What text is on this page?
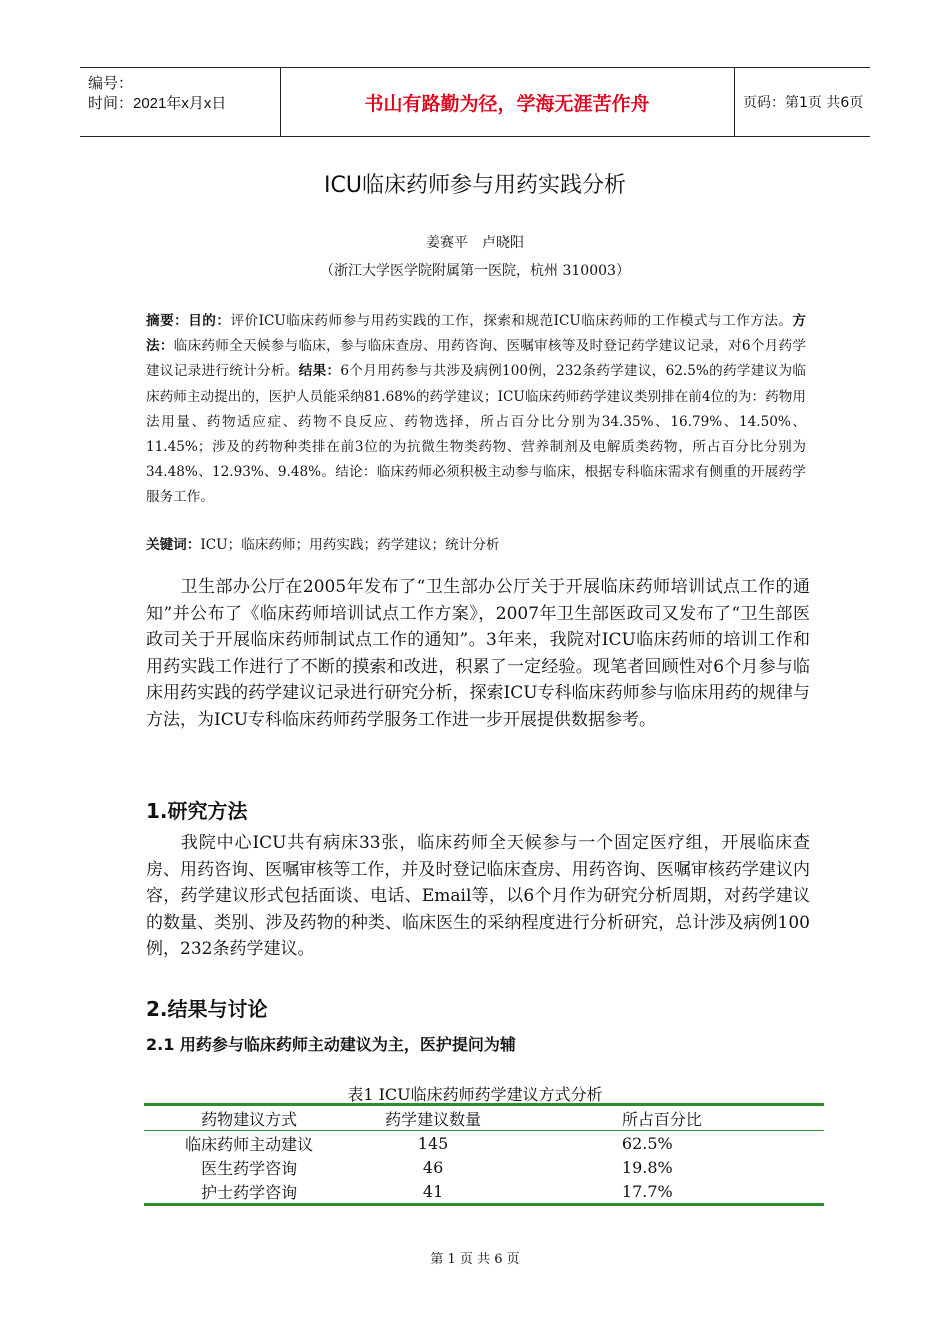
编号：
时间：2021年x月x日	书山有路勤为径，学海无涯苦作舟	页码：第1页 共6页
ICU临床药师参与用药实践分析
姜赛平　卢晓阳
（浙江大学医学院附属第一医院，杭州 310003）
摘要：目的：评价ICU临床药师参与用药实践的工作，探索和规范ICU临床药师的工作模式与工作方法。方法：临床药师全天候参与临床，参与临床查房、用药咨询、医嘱审核等及时登记药学建议记录，对6个月药学建议记录进行统计分析。结果：6个月用药参与共涉及病例100例，232条药学建议，62.5%的药学建议为临床药师主动提出的，医护人员能采纳81.68%的药学建议；ICU临床药师药学建议类别排在前4位的为：药物用法用量、药物适应症、药物不良反应、药物选择，所占百分比分别为34.35%、16.79%、14.50%、11.45%；涉及的药物种类排在前3位的为抗微生物类药物、营养制剂及电解质类药物，所占百分比分别为34.48%、12.93%、9.48%。结论：临床药师必须积极主动参与临床，根据专科临床需求有侧重的开展药学服务工作。
关键词：ICU；临床药师；用药实践；药学建议；统计分析
卫生部办公厅在2005年发布了“卫生部办公厅关于开展临床药师培训试点工作的通知”并公布了《临床药师培训试点工作方案》，2007年卫生部医政司又发布了“卫生部医政司关于开展临床药师制试点工作的通知”。3年来，我院对ICU临床药师的培训工作和用药实践工作进行了不断的摸索和改进，积累了一定经验。现笔者回顾性对6个月参与临床用药实践的药学建议记录进行研究分析，探索ICU专科临床药师参与临床用药的规律与方法，为ICU专科临床药师药学服务工作进一步开展提供数据参考。
1.研究方法
我院中心ICU共有病床33张，临床药师全天候参与一个固定医疗组，开展临床查房、用药咨询、医嘱审核等工作，并及时登记临床查房、用药咨询、医嘱审核药学建议内容，药学建议形式包括面谈、电话、Email等，以6个月作为研究分析周期，对药学建议的数量、类别、涉及药物的种类、临床医生的采纳程度进行分析研究，总计涉及病例100例，232条药学建议。
2.结果与讨论
2.1 用药参与临床药师主动建议为主，医护提问为辅
表1 ICU临床药师药学建议方式分析
药物建议方式	药学建议数量	所占百分比
临床药师主动建议	145	62.5%
医生药学咨询	46	19.8%
护士药学咨询	41	17.7%
第 1 页 共 6 页
